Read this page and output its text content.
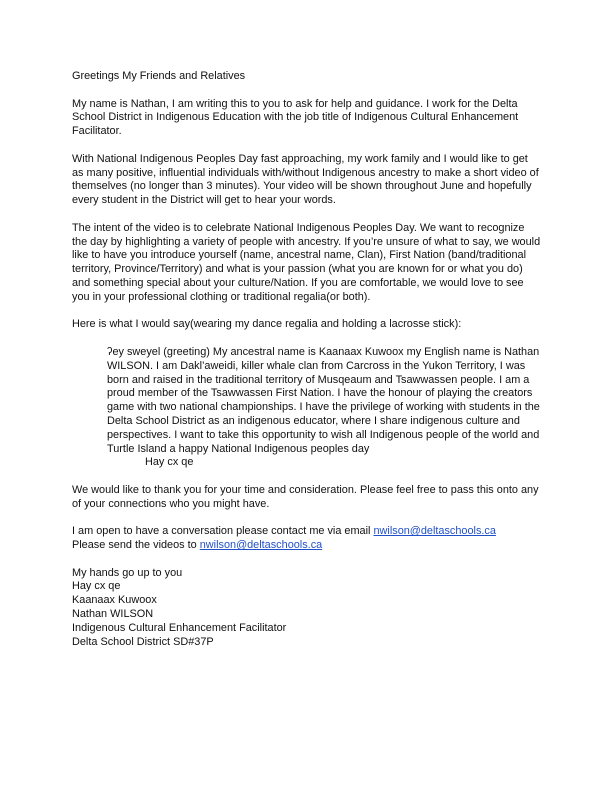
Greetings My Friends and Relatives

My name is Nathan, I am writing this to you to ask for help and guidance. I work for the Delta School District in Indigenous Education with the job title of Indigenous Cultural Enhancement Facilitator.

With National Indigenous Peoples Day fast approaching, my work family and I would like to get as many positive, influential individuals with/without Indigenous ancestry to make a short video of themselves (no longer than 3 minutes). Your video will be shown throughout June and hopefully every student in the District will get to hear your words.

The intent of the video is to celebrate National Indigenous Peoples Day. We want to recognize the day by highlighting a variety of people with ancestry. If you’re unsure of what to say, we would like to have you introduce yourself (name, ancestral name, Clan), First Nation (band/traditional territory, Province/Territory) and what is your passion (what you are known for or what you do) and something special about your culture/Nation. If you are comfortable, we would love to see you in your professional clothing or traditional regalia(or both).

Here is what I would say(wearing my dance regalia and holding a lacrosse stick):

ʔey sweyel (greeting) My ancestral name is Kaanaax Kuwoox my English name is Nathan WILSON. I am Dakl’aweidi, killer whale clan from Carcross in the Yukon Territory, I was born and raised in the traditional territory of Musqeaum and Tsawwassen people. I am a proud member of the Tsawwassen First Nation. I have the honour of playing the creators game with two national championships. I have the privilege of working with students in the Delta School District as an indigenous educator, where I share indigenous culture and perspectives. I want to take this opportunity to wish all Indigenous people of the world and Turtle Island a happy National Indigenous peoples day

Hay cx qe

We would like to thank you for your time and consideration. Please feel free to pass this onto any of your connections who you might have.

I am open to have a conversation please contact me via email nwilson@deltaschools.ca

Please send the videos to nwilson@deltaschools.ca

My hands go up to you

Hay cx qe

Kaanaax Kuwoox

Nathan WILSON

Indigenous Cultural Enhancement Facilitator

Delta School District SD#37P
